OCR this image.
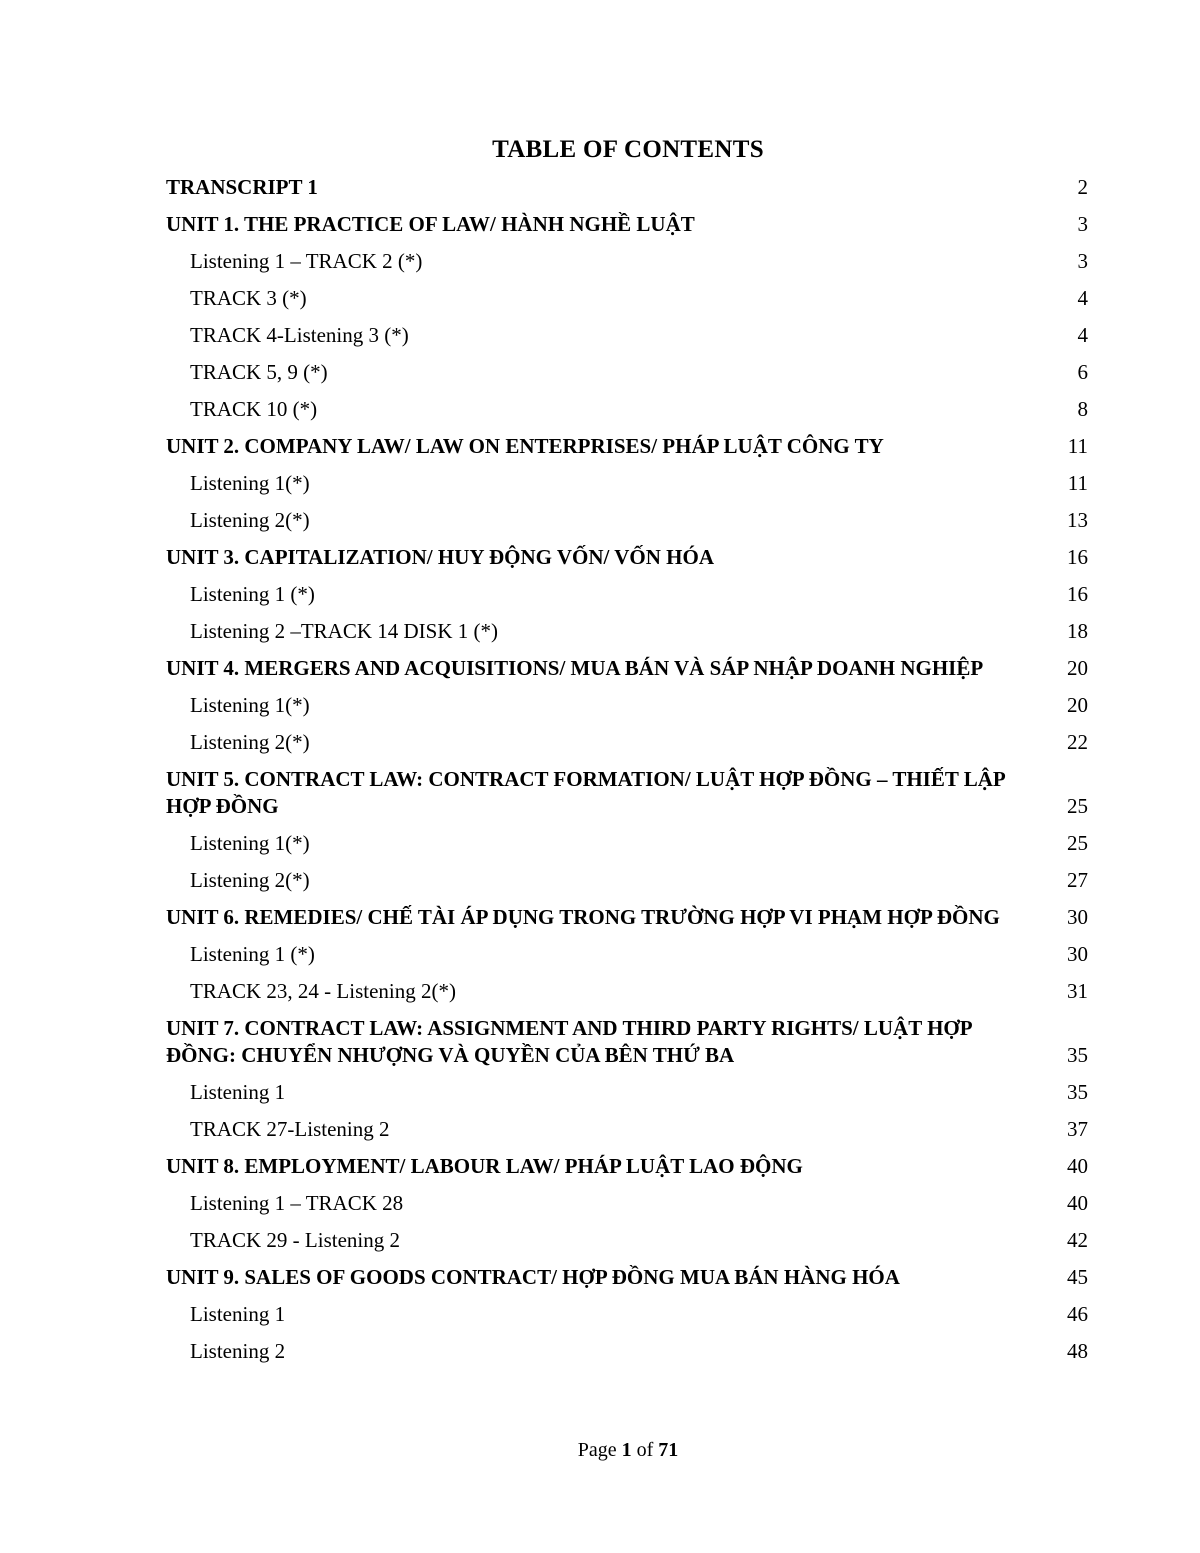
TABLE OF CONTENTS
.....
TRANSCRIPT 1	2
.....
UNIT 1. THE PRACTICE OF LAW/ HÀNH NGHỀ LUẬT	3
.....
Listening 1 – TRACK 2 (*)	3
.....
TRACK 3 (*)	4
.....
TRACK 4-Listening 3 (*)	4
.....
TRACK 5, 9 (*)	6
.....
TRACK 10 (*)	8
.....
UNIT 2. COMPANY LAW/ LAW ON ENTERPRISES/ PHÁP LUẬT CÔNG TY	11
.....
Listening 1(*)	11
.....
Listening 2(*)	13
.....
UNIT 3. CAPITALIZATION/ HUY ĐỘNG VỐN/ VỐN HÓA	16
.....
Listening 1 (*)	16
.....
Listening 2 –TRACK 14 DISK 1 (*)	18
.....
UNIT 4. MERGERS AND ACQUISITIONS/ MUA BÁN VÀ SÁP NHẬP DOANH NGHIỆP	20
.....
Listening 1(*)	20
.....
Listening 2(*)	22
.....
UNIT 5. CONTRACT LAW: CONTRACT FORMATION/ LUẬT HỢP ĐỒNG – THIẾT LẬP HỢP ĐỒNG	25
.....
Listening 1(*)	25
.....
Listening 2(*)	27
.....
UNIT 6. REMEDIES/ CHẾ TÀI ÁP DỤNG TRONG TRƯỜNG HỢP VI PHẠM HỢP ĐỒNG	30
.....
Listening 1 (*)	30
.....
TRACK 23, 24 - Listening 2(*)	31
.....
UNIT 7. CONTRACT LAW: ASSIGNMENT AND THIRD PARTY RIGHTS/ LUẬT HỢP ĐỒNG: CHUYỂN NHƯỢNG VÀ QUYỀN CỦA BÊN THỨ BA	35
.....
Listening 1	35
.....
TRACK 27-Listening 2	37
.....
UNIT 8. EMPLOYMENT/ LABOUR LAW/ PHÁP LUẬT LAO ĐỘNG	40
.....
Listening 1 – TRACK 28	40
.....
TRACK 29 - Listening 2	42
.....
UNIT 9. SALES OF GOODS CONTRACT/ HỢP ĐỒNG MUA BÁN HÀNG HÓA	45
.....
Listening 1	46
.....
Listening 2	48
Page 1 of 71
